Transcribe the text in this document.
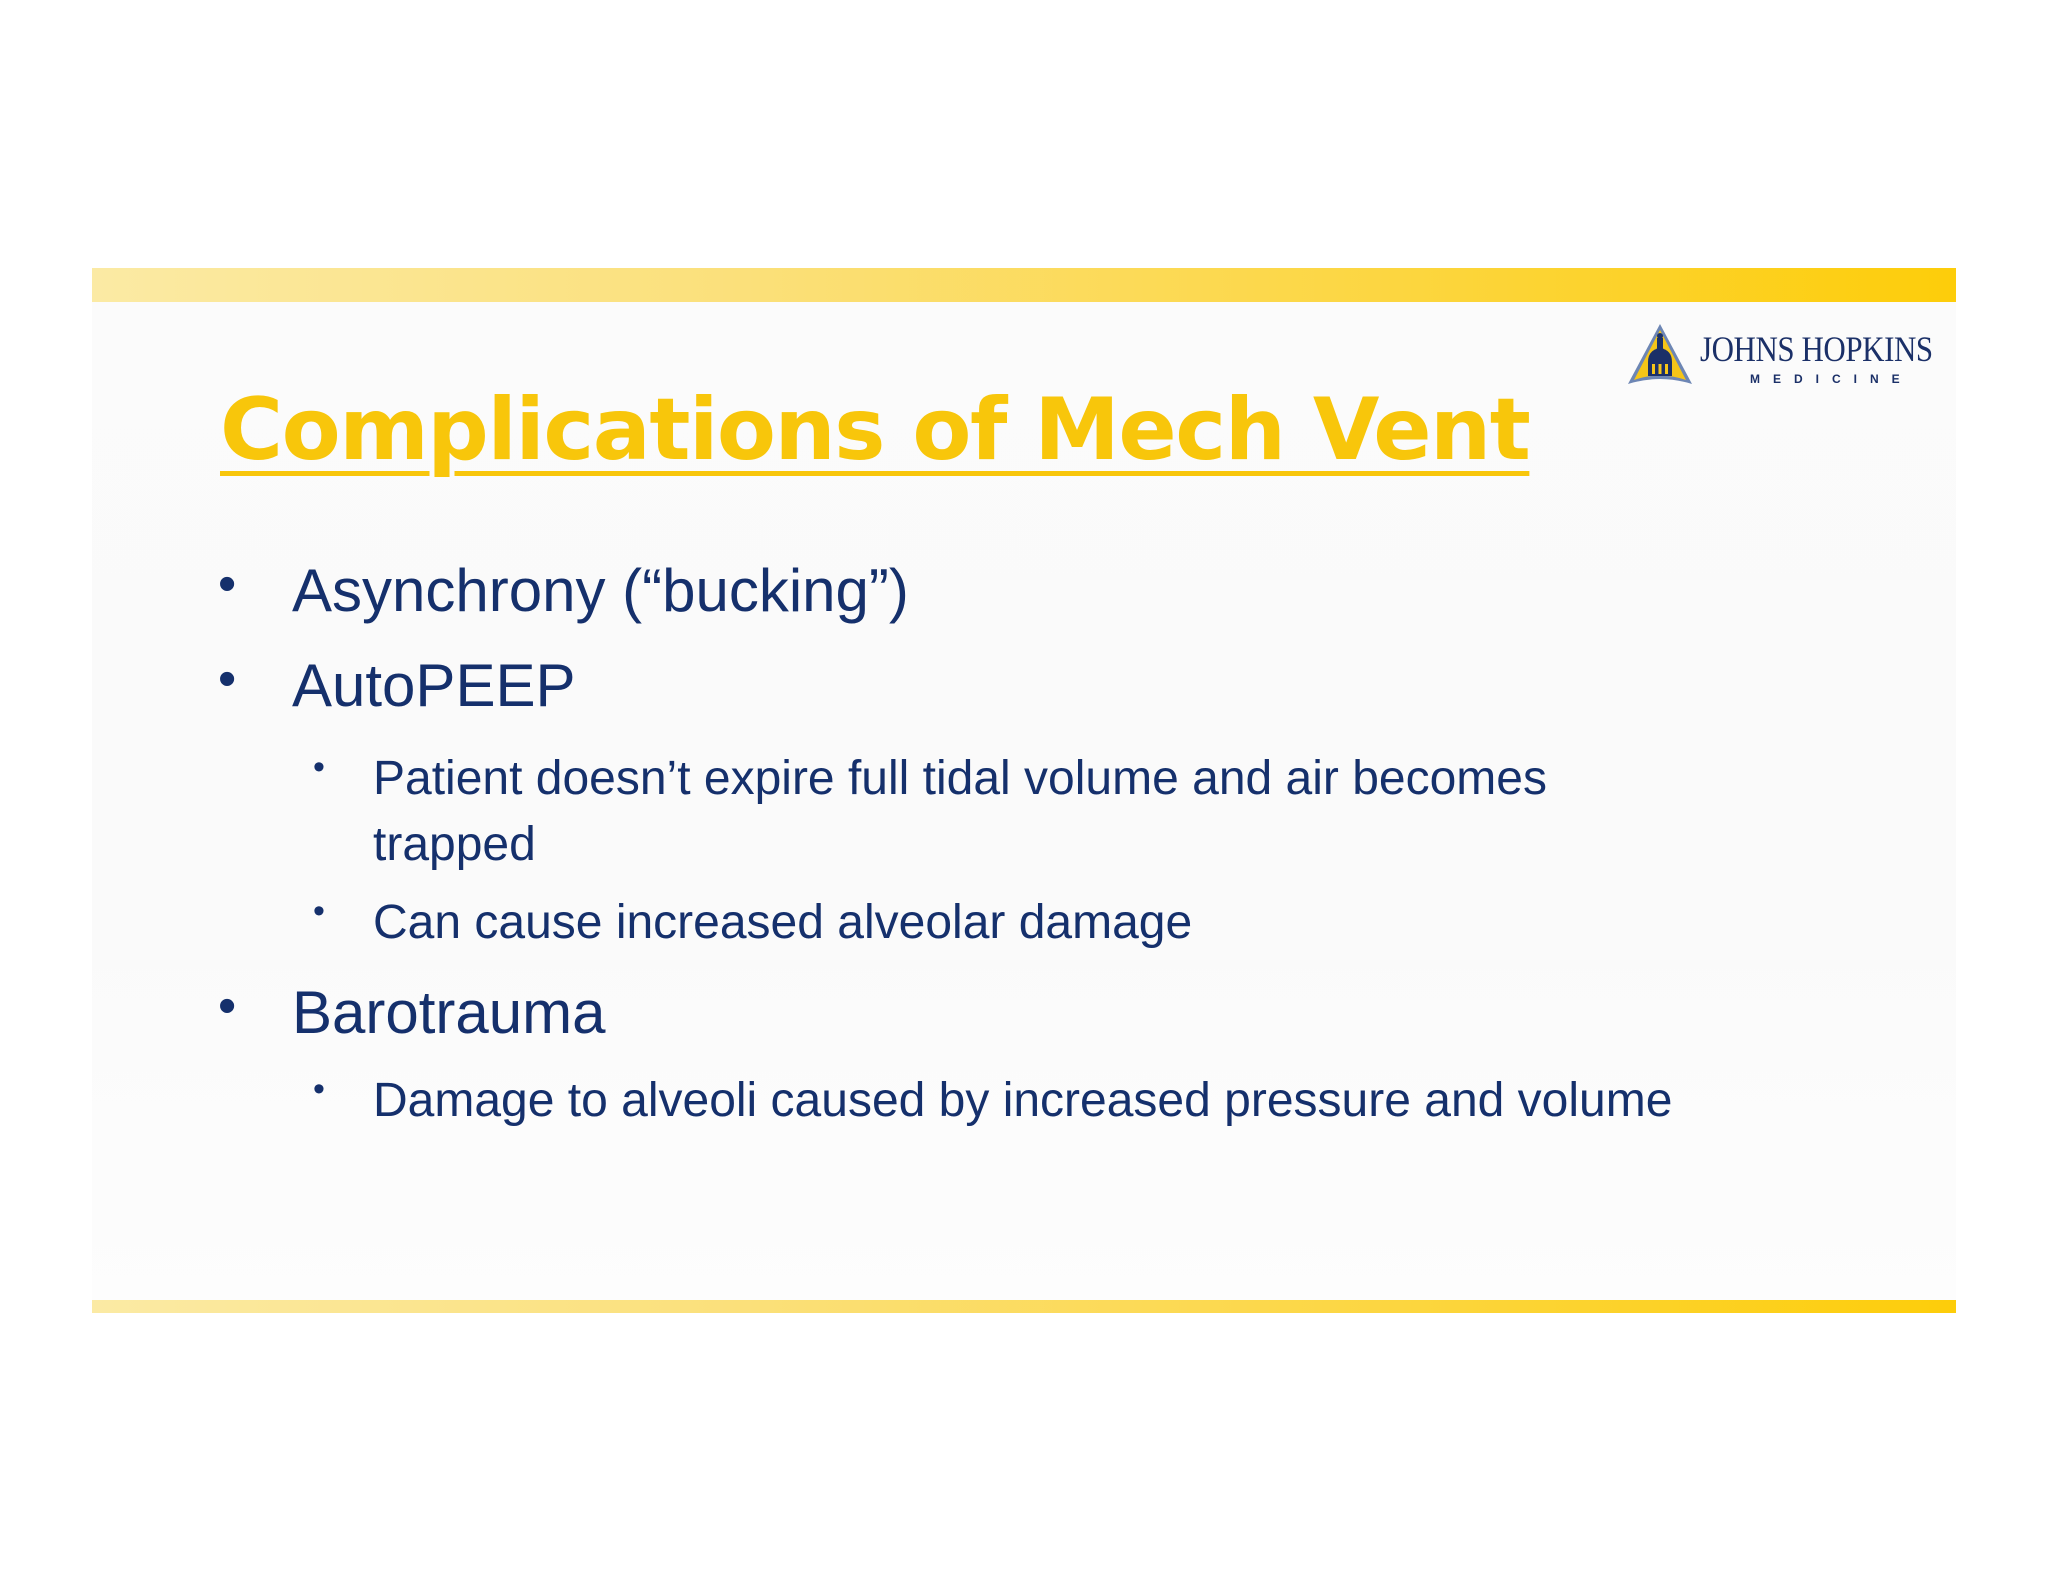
JOHNS HOPKINS
MEDICINE
Complications of Mech Vent
• Asynchrony (“bucking”)
• AutoPEEP
• Patient doesn’t expire full tidal volume and air becomes
trapped
• Can cause increased alveolar damage
• Barotrauma
• Damage to alveoli caused by increased pressure and volume
